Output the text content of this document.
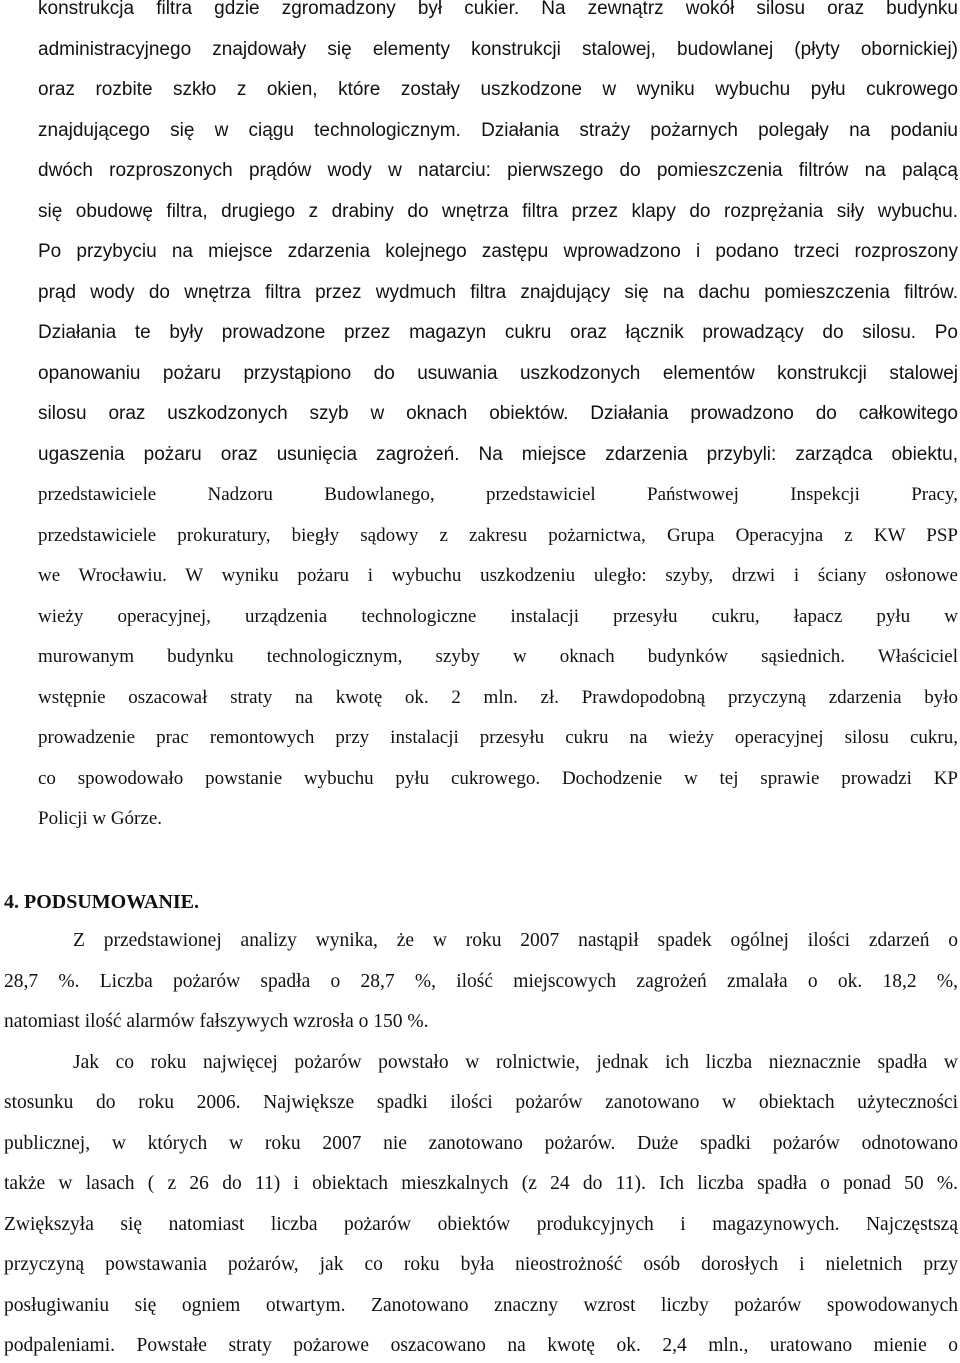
konstrukcja filtra gdzie zgromadzony był cukier. Na zewnątrz wokół silosu oraz budynku
administracyjnego znajdowały się elementy konstrukcji stalowej, budowlanej (płyty obornickiej)
oraz rozbite szkło z okien, które zostały uszkodzone w wyniku wybuchu pyłu cukrowego
znajdującego się w ciągu technologicznym. Działania straży pożarnych polegały na podaniu
dwóch rozproszonych prądów wody w natarciu: pierwszego do pomieszczenia filtrów na palącą
się obudowę filtra, drugiego z drabiny do wnętrza filtra przez klapy do rozprężania siły wybuchu.
Po przybyciu na miejsce zdarzenia kolejnego zastępu wprowadzono i podano trzeci rozproszony
prąd wody do wnętrza filtra przez wydmuch filtra znajdujący się na dachu pomieszczenia filtrów.
Działania te były prowadzone przez magazyn cukru oraz łącznik prowadzący do silosu. Po
opanowaniu pożaru przystąpiono do usuwania uszkodzonych elementów konstrukcji stalowej
silosu oraz uszkodzonych szyb w oknach obiektów. Działania prowadzono do całkowitego
ugaszenia pożaru oraz usunięcia zagrożeń. Na miejsce zdarzenia przybyli: zarządca obiektu,
przedstawiciele Nadzoru Budowlanego, przedstawiciel Państwowej Inspekcji Pracy,
przedstawiciele prokuratury, biegły sądowy z zakresu pożarnictwa, Grupa Operacyjna z KW PSP
we Wrocławiu. W wyniku pożaru i wybuchu uszkodzeniu uległo: szyby, drzwi i ściany osłonowe
wieży operacyjnej, urządzenia technologiczne instalacji przesyłu cukru, łapacz pyłu w
murowanym budynku technologicznym, szyby w oknach budynków sąsiednich. Właściciel
wstępnie oszacował straty na kwotę ok. 2 mln. zł. Prawdopodobną przyczyną zdarzenia było
prowadzenie prac remontowych przy instalacji przesyłu cukru na wieży operacyjnej silosu cukru,
co spowodowało powstanie wybuchu pyłu cukrowego. Dochodzenie w tej sprawie prowadzi KP
Policji w Górze.
4. PODSUMOWANIE.
Z przedstawionej analizy wynika, że w roku 2007 nastąpił spadek ogólnej ilości zdarzeń o
28,7 %. Liczba pożarów spadła o 28,7 %, ilość miejscowych zagrożeń zmalała o ok. 18,2 %,
natomiast ilość alarmów fałszywych wzrosła o 150 %.
Jak co roku najwięcej pożarów powstało w rolnictwie, jednak ich liczba nieznacznie spadła w
stosunku do roku 2006. Największe spadki ilości pożarów zanotowano w obiektach użyteczności
publicznej, w których w roku 2007 nie zanotowano pożarów. Duże spadki pożarów odnotowano
także w lasach ( z 26 do 11) i obiektach mieszkalnych (z 24 do 11). Ich liczba spadła o ponad 50 %.
Zwiększyła się natomiast liczba pożarów obiektów produkcyjnych i magazynowych. Najczęstszą
przyczyną powstawania pożarów, jak co roku była nieostrożność osób dorosłych i nieletnich przy
posługiwaniu się ogniem otwartym. Zanotowano znaczny wzrost liczby pożarów spowodowanych
podpaleniami. Powstałe straty pożarowe oszacowano na kwotę ok. 2,4 mln., uratowano mienie o
